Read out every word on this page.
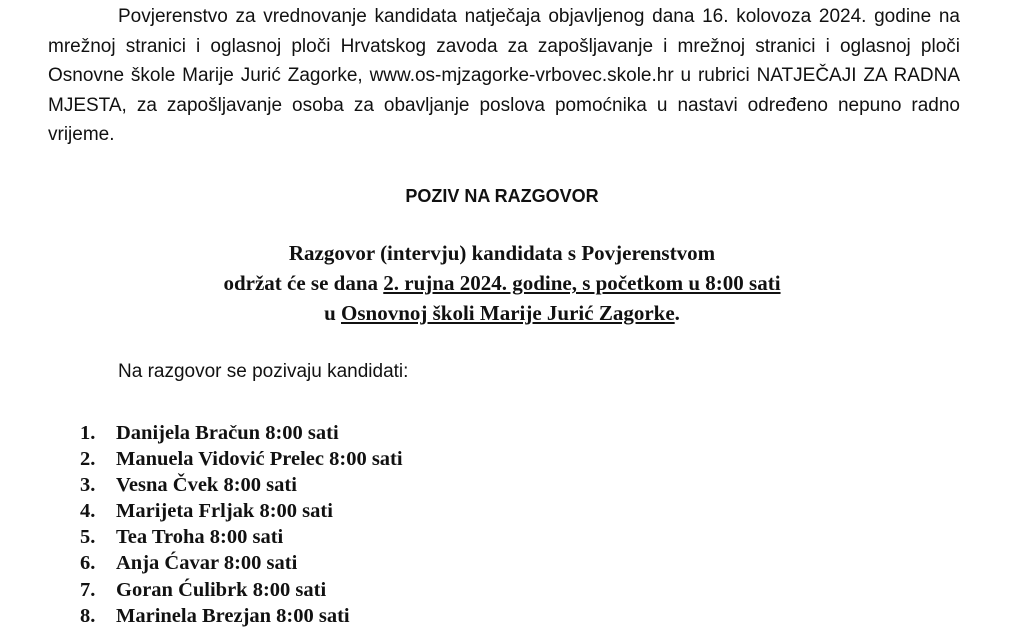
Povjerenstvo za vrednovanje kandidata natječaja objavljenog dana 16. kolovoza 2024. godine na mrežnoj stranici i oglasnoj ploči Hrvatskog zavoda za zapošljavanje i mrežnoj stranici i oglasnoj ploči Osnovne škole Marije Jurić Zagorke, www.os-mjzagorke-vrbovec.skole.hr u rubrici NATJEČAJI ZA RADNA MJESTA, za zapošljavanje osoba za obavljanje poslova pomoćnika u nastavi određeno nepuno radno vrijeme.

POZIV NA RAZGOVOR

Razgovor (intervju) kandidata s Povjerenstvom
održat će se dana 2. rujna 2024. godine, s početkom u 8:00 sati
u Osnovnoj školi Marije Jurić Zagorke.

Na razgovor se pozivaju kandidati:

1. Danijela Bračun 8:00 sati
2. Manuela Vidović Prelec 8:00 sati
3. Vesna Čvek 8:00 sati
4. Marijeta Frljak 8:00 sati
5. Tea Troha 8:00 sati
6. Anja Ćavar 8:00 sati
7. Goran Ćulibrk 8:00 sati
8. Marinela Brezjan 8:00 sati
